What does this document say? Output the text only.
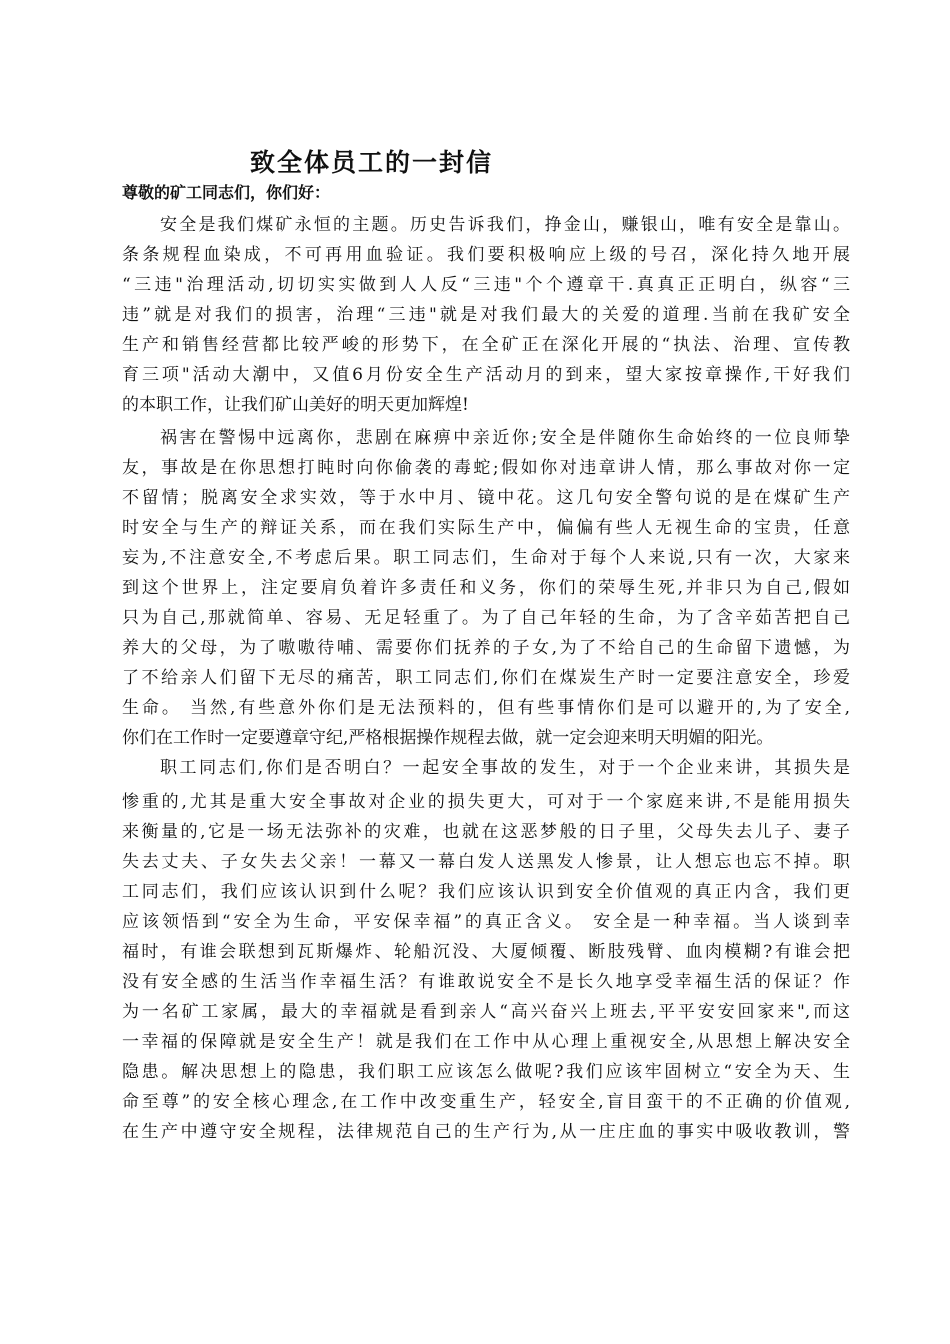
致全体员工的一封信

尊敬的矿工同志们，你们好：

安全是我们煤矿永恒的主题。历史告诉我们，挣金山，赚银山，唯有安全是靠山。
条条规程血染成，不可再用血验证。我们要积极响应上级的号召，深化持久地开展
“三违"治理活动,切切实实做到人人反“三违"个个遵章干.真真正正明白，纵容“三
违”就是对我们的损害，治理“三违"就是对我们最大的关爱的道理.当前在我矿安全
生产和销售经营都比较严峻的形势下，在全矿正在深化开展的“执法、治理、宣传教
育三项"活动大潮中，又值6月份安全生产活动月的到来，望大家按章操作,干好我们
的本职工作，让我们矿山美好的明天更加辉煌!
祸害在警惕中远离你，悲剧在麻痹中亲近你;安全是伴随你生命始终的一位良师挚
友，事故是在你思想打盹时向你偷袭的毒蛇;假如你对违章讲人情，那么事故对你一定
不留情；脱离安全求实效，等于水中月、镜中花。这几句安全警句说的是在煤矿生产
时安全与生产的辩证关系，而在我们实际生产中，偏偏有些人无视生命的宝贵，任意
妄为,不注意安全,不考虑后果。职工同志们，生命对于每个人来说,只有一次，大家来
到这个世界上，注定要肩负着许多责任和义务，你们的荣辱生死,并非只为自己,假如
只为自己,那就简单、容易、无足轻重了。为了自己年轻的生命，为了含辛茹苦把自己
养大的父母，为了嗷嗷待哺、需要你们抚养的子女,为了不给自己的生命留下遗憾，为
了不给亲人们留下无尽的痛苦，职工同志们,你们在煤炭生产时一定要注意安全，珍爱
生命。 当然,有些意外你们是无法预料的，但有些事情你们是可以避开的,为了安全,
你们在工作时一定要遵章守纪,严格根据操作规程去做，就一定会迎来明天明媚的阳光。
职工同志们,你们是否明白？一起安全事故的发生，对于一个企业来讲，其损失是
惨重的,尤其是重大安全事故对企业的损失更大，可对于一个家庭来讲,不是能用损失
来衡量的,它是一场无法弥补的灾难，也就在这恶梦般的日子里，父母失去儿子、妻子
失去丈夫、子女失去父亲！一幕又一幕白发人送黑发人惨景，让人想忘也忘不掉。职
工同志们，我们应该认识到什么呢？我们应该认识到安全价值观的真正内含，我们更
应该领悟到“安全为生命，平安保幸福”的真正含义。 安全是一种幸福。当人谈到幸
福时，有谁会联想到瓦斯爆炸、轮船沉没、大厦倾覆、断肢残臂、血肉模糊?有谁会把
没有安全感的生活当作幸福生活？有谁敢说安全不是长久地享受幸福生活的保证？作
为一名矿工家属，最大的幸福就是看到亲人“高兴奋兴上班去,平平安安回家来",而这
一幸福的保障就是安全生产！就是我们在工作中从心理上重视安全,从思想上解决安全
隐患。解决思想上的隐患，我们职工应该怎么做呢?我们应该牢固树立“安全为天、生
命至尊”的安全核心理念,在工作中改变重生产，轻安全,盲目蛮干的不正确的价值观,
在生产中遵守安全规程，法律规范自己的生产行为,从一庄庄血的事实中吸收教训，警
